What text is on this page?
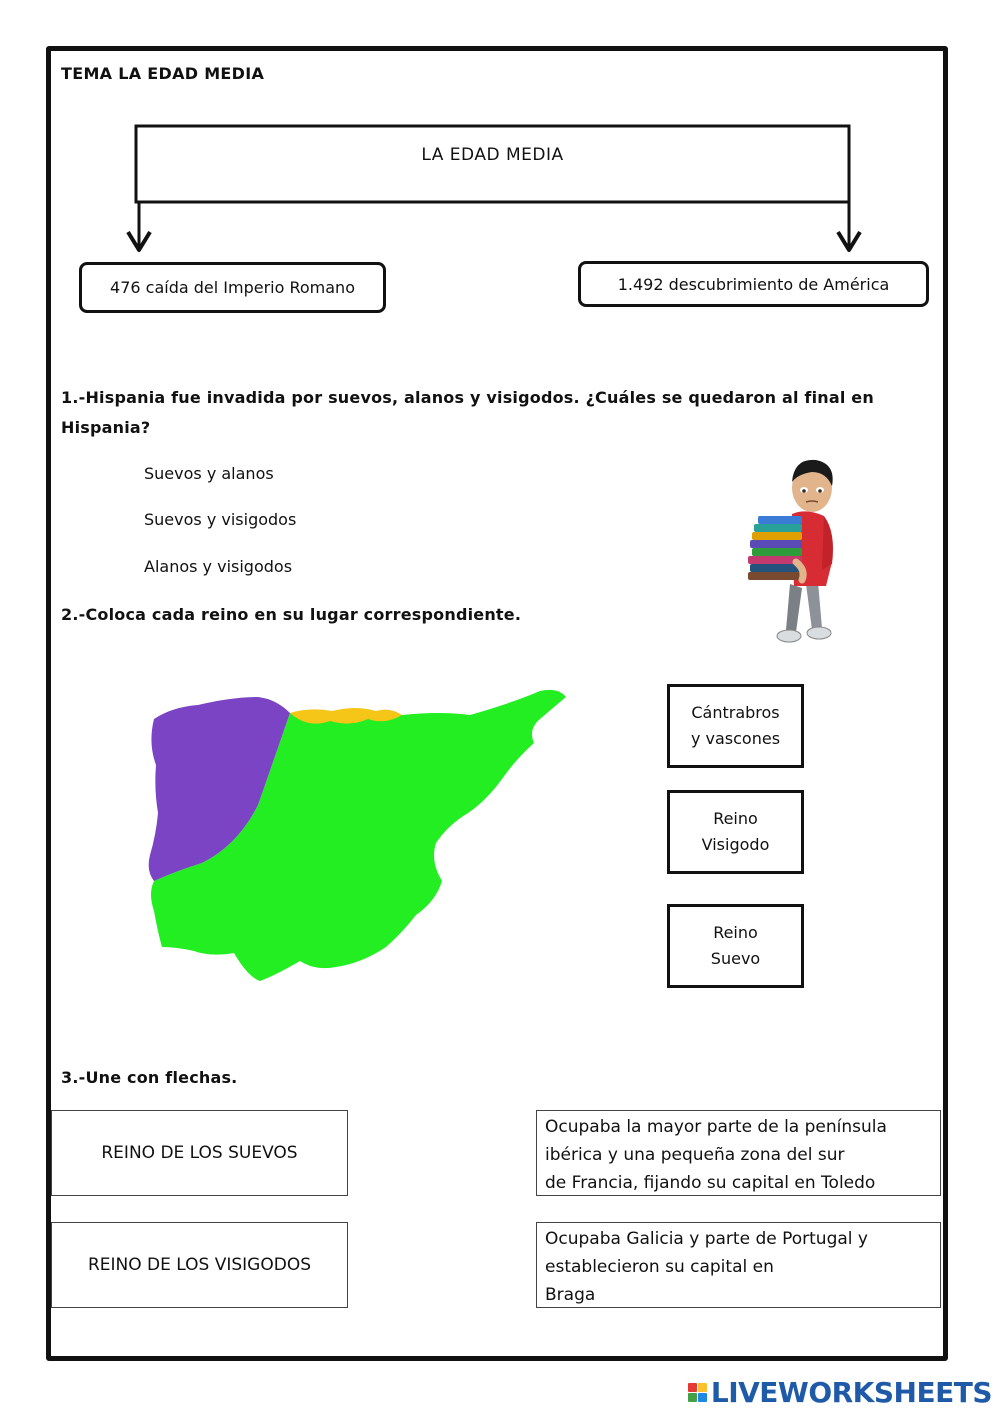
TEMA LA EDAD MEDIA
LA EDAD MEDIA
476 caída del Imperio Romano	1.492 descubrimiento de América
1.-Hispania fue invadida por suevos, alanos y visigodos. ¿Cuáles se quedaron al final en
Hispania?
Suevos y alanos
Suevos y visigodos
Alanos y visigodos
2.-Coloca cada reino en su lugar correspondiente.
Cántrabros
y vascones
Reino
Visigodo
Reino
Suevo
3.-Une con flechas.
REINO DE LOS SUEVOS
REINO DE LOS VISIGODOS
Ocupaba la mayor parte de la península
ibérica y una pequeña zona del sur
de Francia, fijando su capital en Toledo
Ocupaba Galicia y parte de Portugal y
establecieron su capital en
Braga
LIVEWORKSHEETS
